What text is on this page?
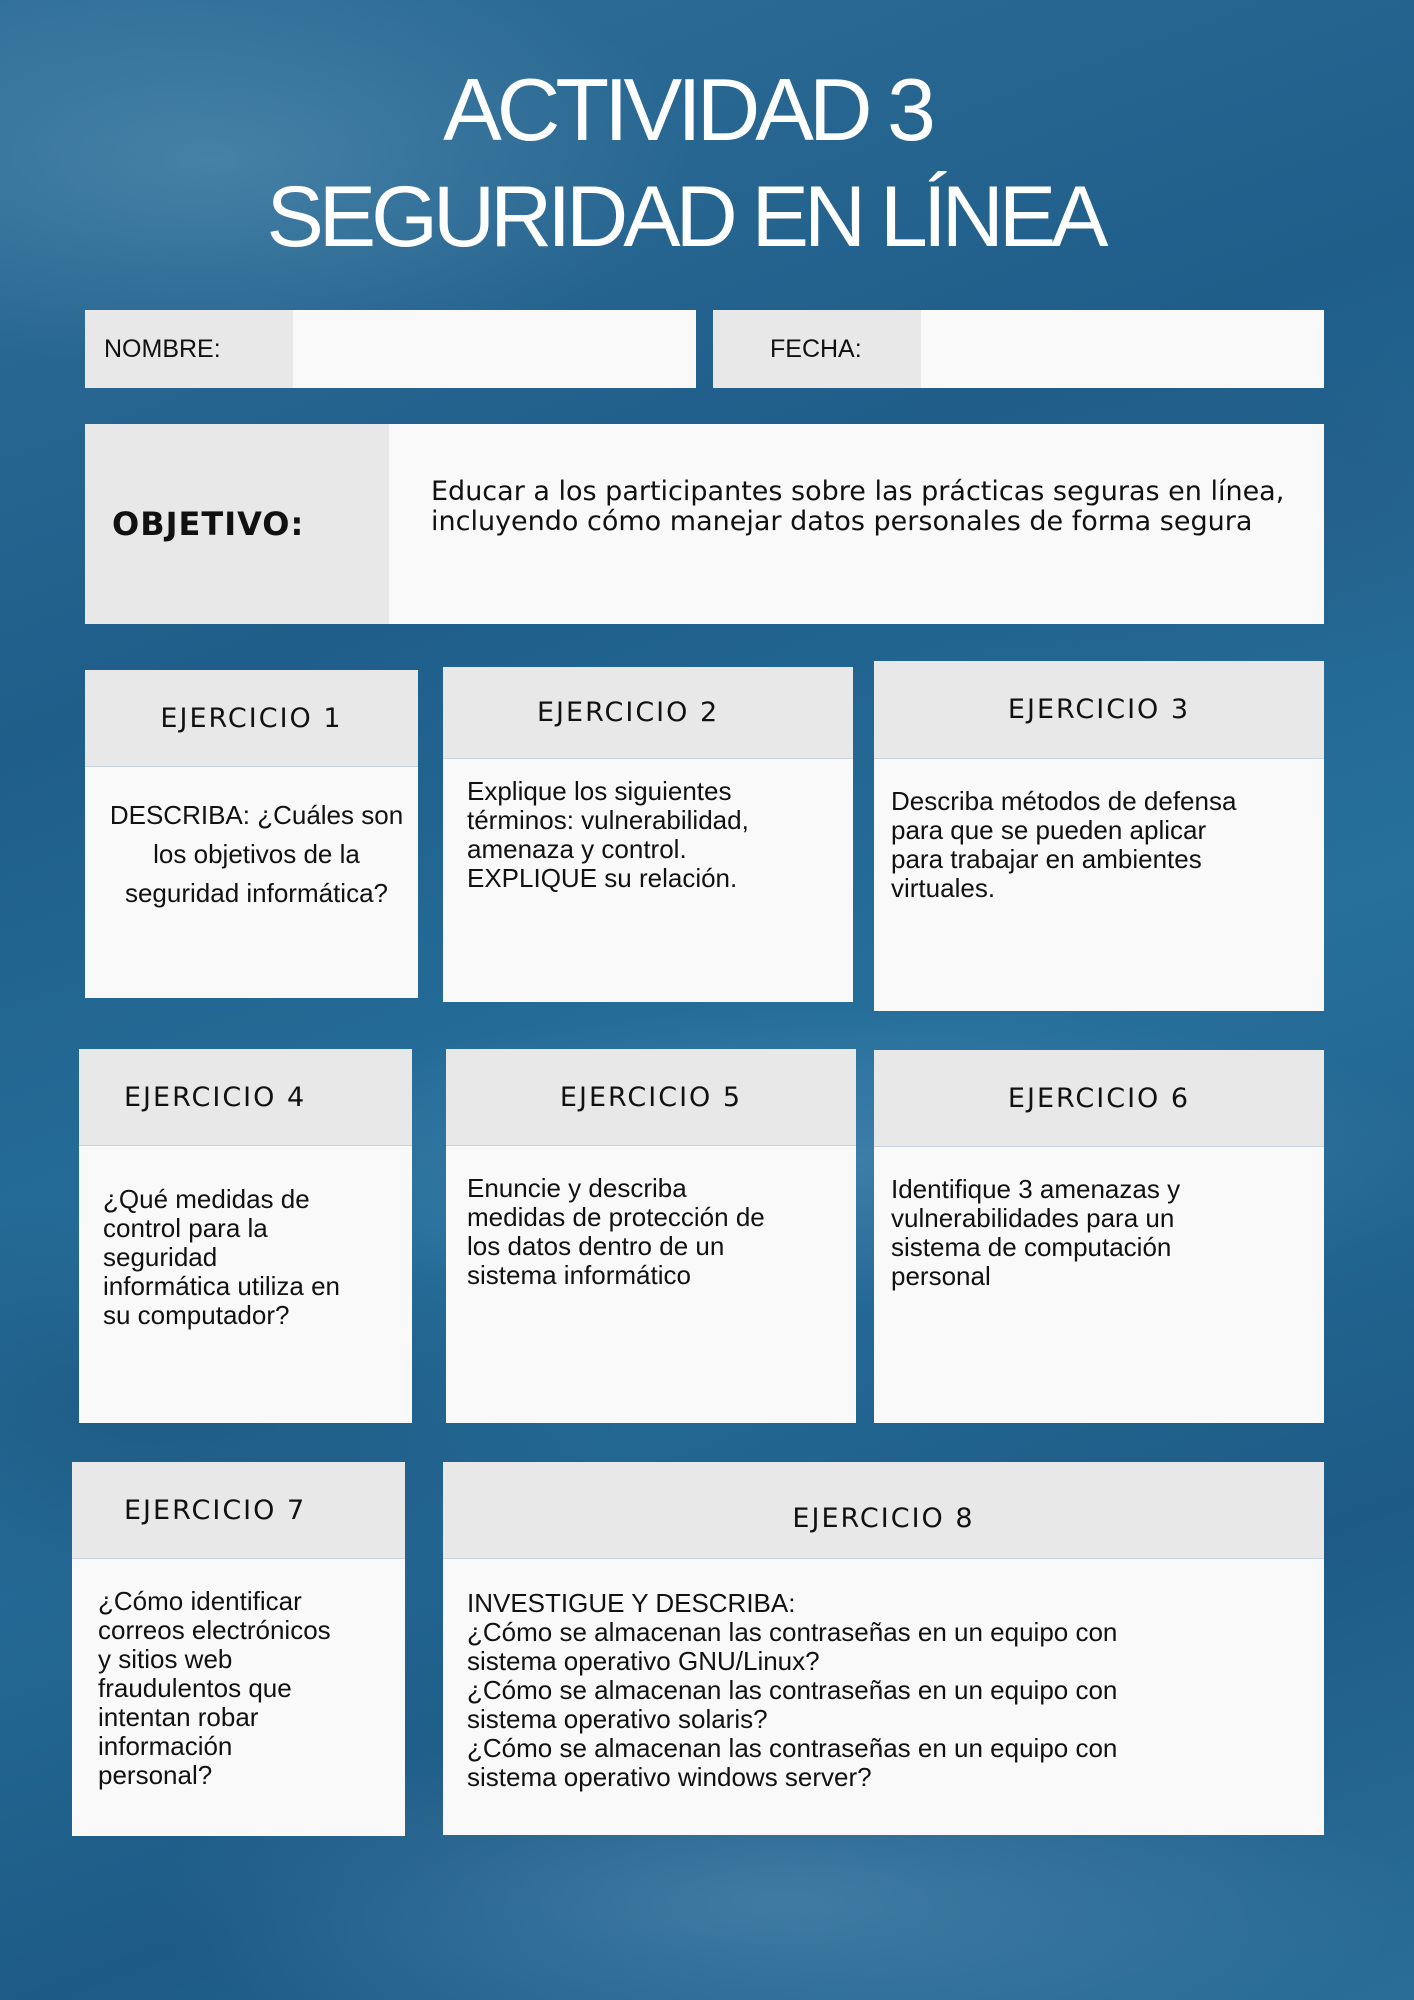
ACTIVIDAD 3
SEGURIDAD EN LÍNEA
NOMBRE:	FECHA:
OBJETIVO:
Educar a los participantes sobre las prácticas seguras en línea, incluyendo cómo manejar datos personales de forma segura
EJERCICIO 1
DESCRIBA: ¿Cuáles son los objetivos de la seguridad informática?
EJERCICIO 2
Explique los siguientes
términos: vulnerabilidad,
amenaza y control.
EXPLIQUE su relación.
EJERCICIO 3
Describa métodos de defensa
para que se pueden aplicar
para trabajar en ambientes
virtuales.
EJERCICIO 4
¿Qué medidas de
control para la
seguridad
informática utiliza en
su computador?
EJERCICIO 5
Enuncie y describa
medidas de protección de
los datos dentro de un
sistema informático
EJERCICIO 6
Identifique 3 amenazas y
vulnerabilidades para un
sistema de computación
personal
EJERCICIO 7
¿Cómo identificar
correos electrónicos
y sitios web
fraudulentos que
intentan robar
información
personal?
EJERCICIO 8
INVESTIGUE Y DESCRIBA:
¿Cómo se almacenan las contraseñas en un equipo con
sistema operativo GNU/Linux?
¿Cómo se almacenan las contraseñas en un equipo con
sistema operativo solaris?
¿Cómo se almacenan las contraseñas en un equipo con
sistema operativo windows server?
